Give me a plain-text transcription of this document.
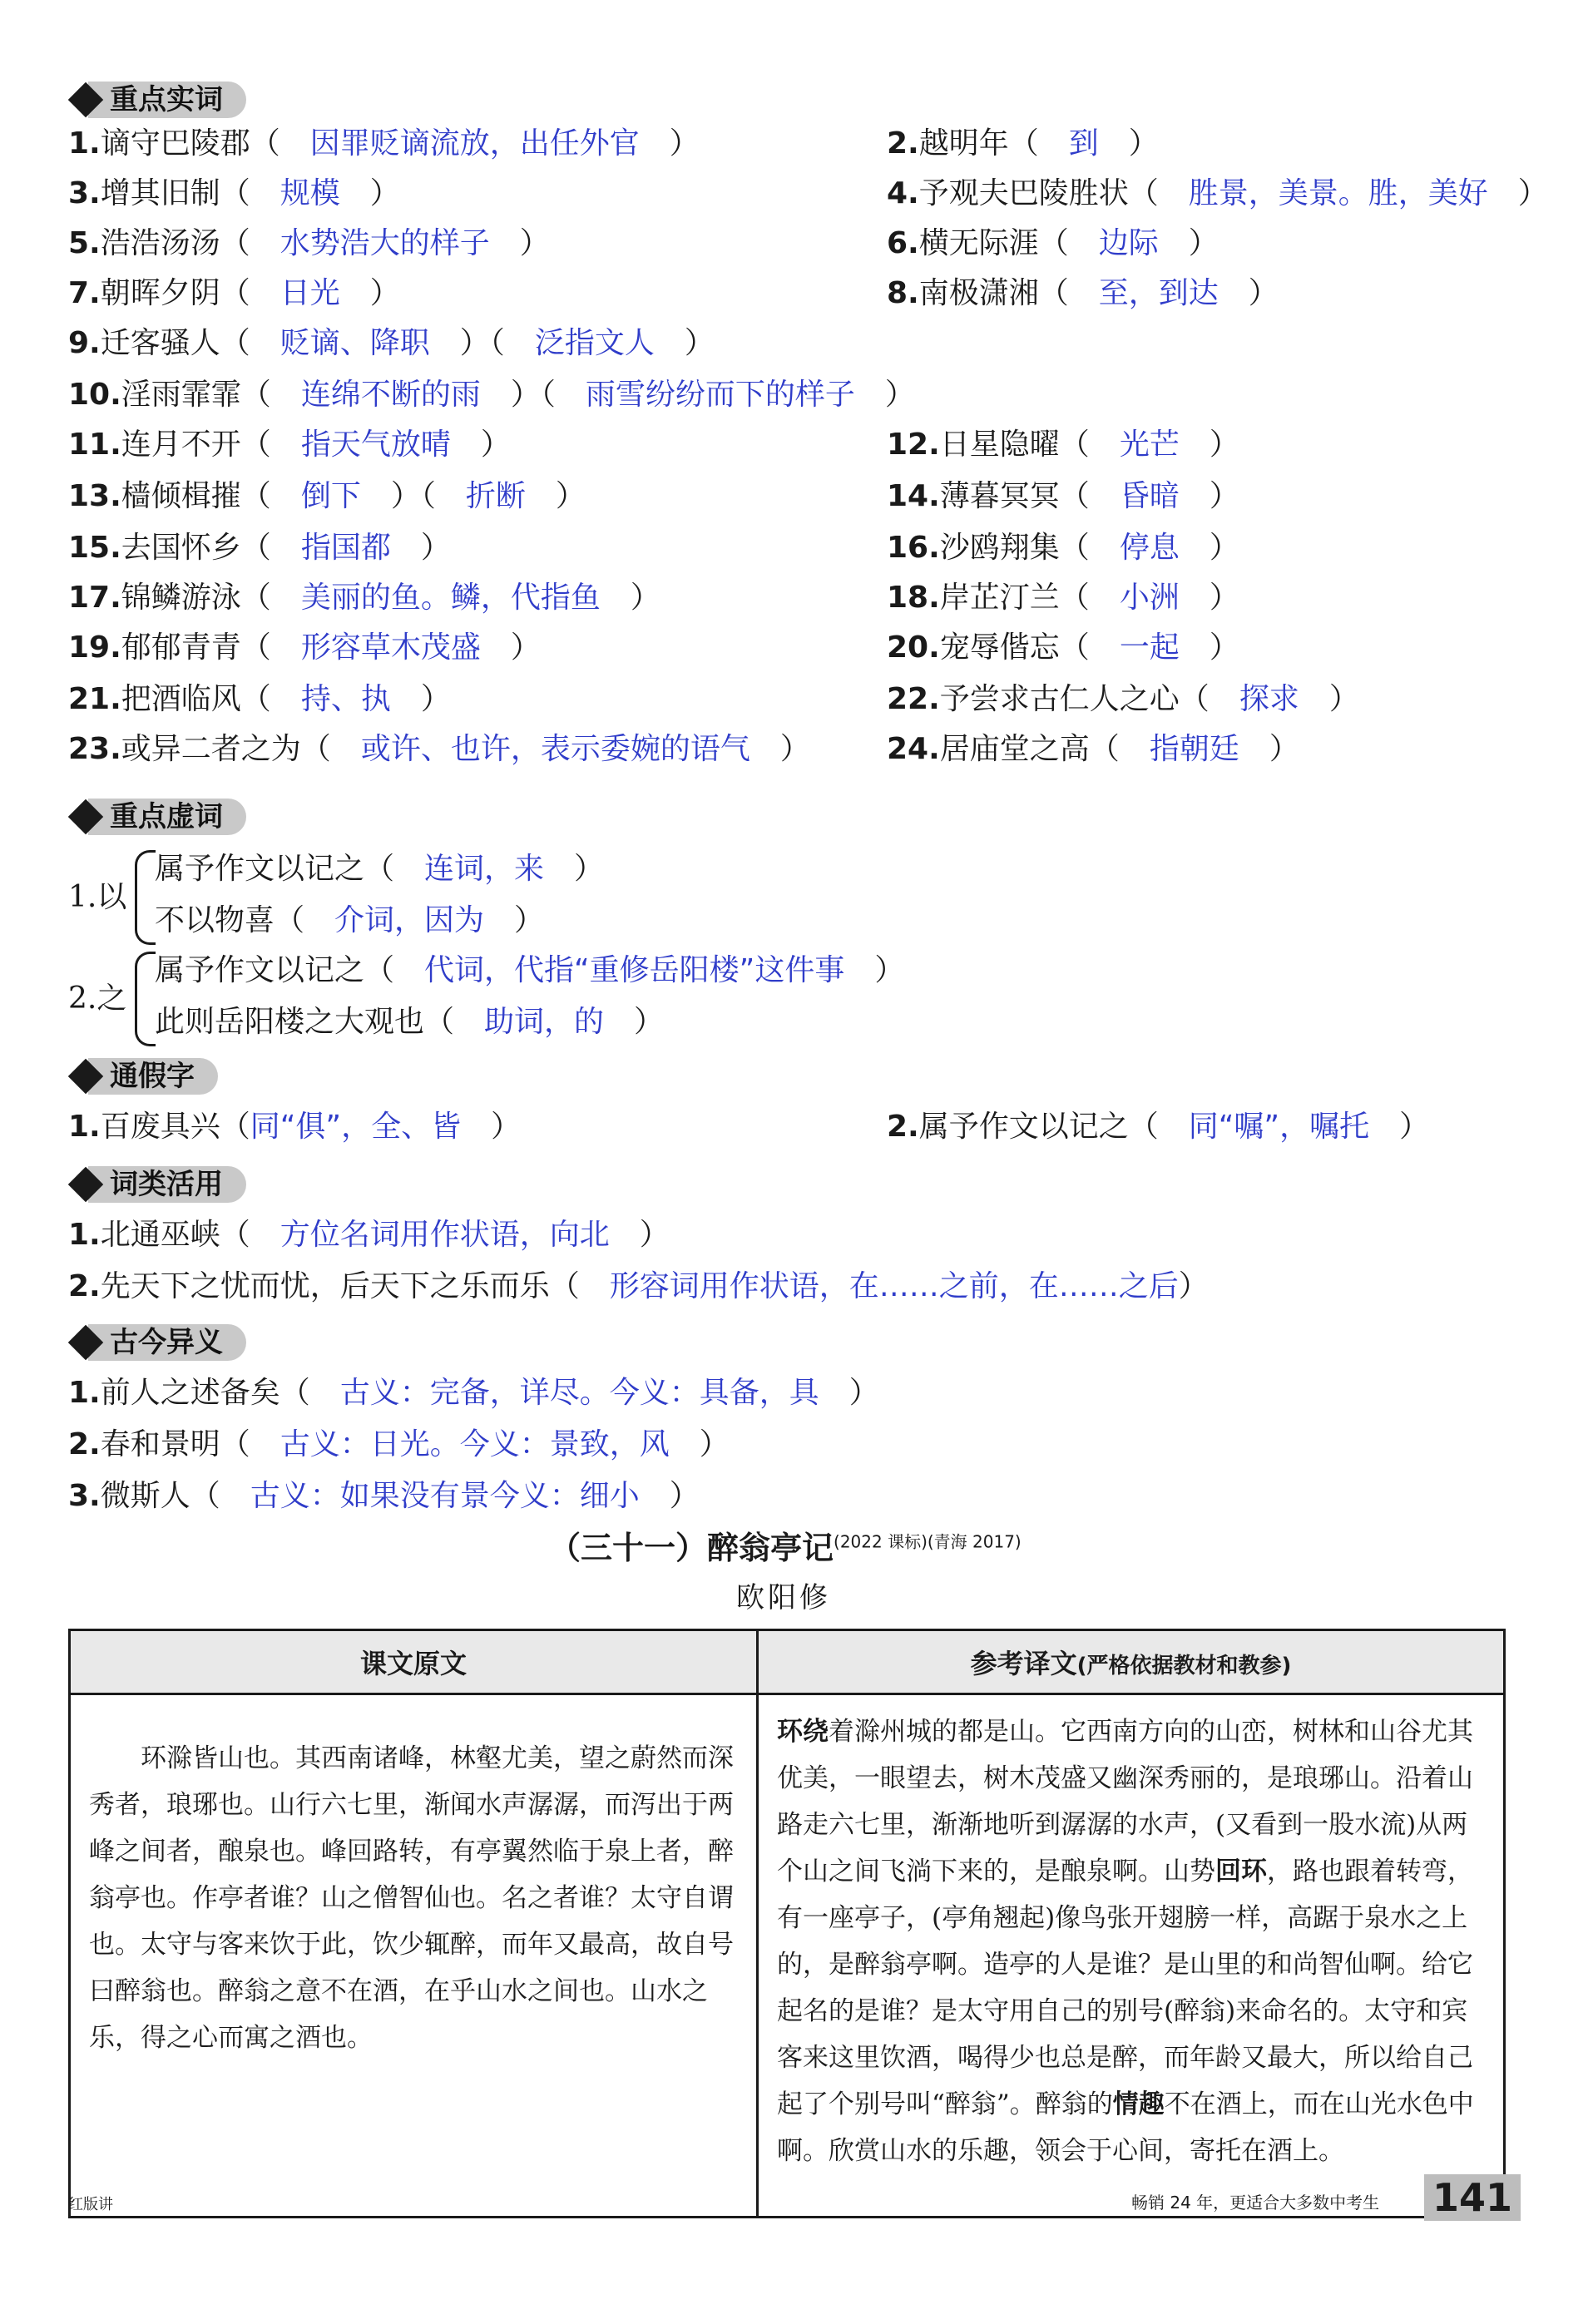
重点实词
1.谪守巴陵郡（　因罪贬谪流放，出任外官　）	2.越明年（　到　）
3.增其旧制（　规模　）	4.予观夫巴陵胜状（　胜景，美景。胜，美好　）
5.浩浩汤汤（　水势浩大的样子　）	6.横无际涯（　边际　）
7.朝晖夕阴（　日光　）	8.南极潇湘（　至，到达　）
9.迁客骚人（　贬谪、降职　）（　泛指文人　）
10.淫雨霏霏（　连绵不断的雨　）（　雨雪纷纷而下的样子　）
11.连月不开（　指天气放晴　）	12.日星隐曜（　光芒　）
13.樯倾楫摧（　倒下　）（　折断　）	14.薄暮冥冥（　昏暗　）
15.去国怀乡（　指国都　）	16.沙鸥翔集（　停息　）
17.锦鳞游泳（　美丽的鱼。鳞，代指鱼　）	18.岸芷汀兰（　小洲　）
19.郁郁青青（　形容草木茂盛　）	20.宠辱偕忘（　一起　）
21.把酒临风（　持、执　）	22.予尝求古仁人之心（　探求　）
23.或异二者之为（　或许、也许，表示委婉的语气　）	24.居庙堂之高（　指朝廷　）
重点虚词
1.以
属予作文以记之（　连词，来　）
不以物喜（　介词，因为　）
2.之
属予作文以记之（　代词，代指“重修岳阳楼”这件事　）
此则岳阳楼之大观也（　助词，的　）
通假字
1.百废具兴（同“俱”，全、皆　）	2.属予作文以记之（　同“嘱”，嘱托　）
词类活用
1.北通巫峡（　方位名词用作状语，向北　）
2.先天下之忧而忧，后天下之乐而乐（　形容词用作状语，在……之前，在……之后）
古今异义
1.前人之述备矣（　古义：完备，详尽。今义：具备，具　）
2.春和景明（　古义：日光。今义：景致，风　）
3.微斯人（　古义：如果没有景今义：细小　）
（三十一）醉翁亭记$^{(2022 课标)(青海 2017)}$
欧阳修
课文原文	参考译文(严格依据教材和教参)
环滁皆山也。其西南诸峰，林壑尤美，望之蔚然而深秀者，琅琊也。山行六七里，渐闻水声潺潺，而泻出于两峰之间者，酿泉也。峰回路转，有亭翼然临于泉上者，醉翁亭也。作亭者谁？山之僧智仙也。名之者谁？太守自谓也。太守与客来饮于此，饮少辄醉，而年又最高，故自号曰醉翁也。醉翁之意不在酒，在乎山水之间也。山水之乐，得之心而寓之酒也。	环绕着滁州城的都是山。它西南方向的山峦，树林和山谷尤其优美，一眼望去，树木茂盛又幽深秀丽的，是琅琊山。沿着山路走六七里，渐渐地听到潺潺的水声，(又看到一股水流)从两个山之间飞淌下来的，是酿泉啊。山势回环，路也跟着转弯，有一座亭子，(亭角翘起)像鸟张开翅膀一样，高踞于泉水之上的，是醉翁亭啊。造亭的人是谁？是山里的和尚智仙啊。给它起名的是谁？是太守用自己的别号(醉翁)来命名的。太守和宾客来这里饮酒，喝得少也总是醉，而年龄又最大，所以给自己起了个别号叫“醉翁”。醉翁的情趣不在酒上，而在山光水色中啊。欣赏山水的乐趣，领会于心间，寄托在酒上。
红版讲	畅销 24 年，更适合大多数中考生 141
